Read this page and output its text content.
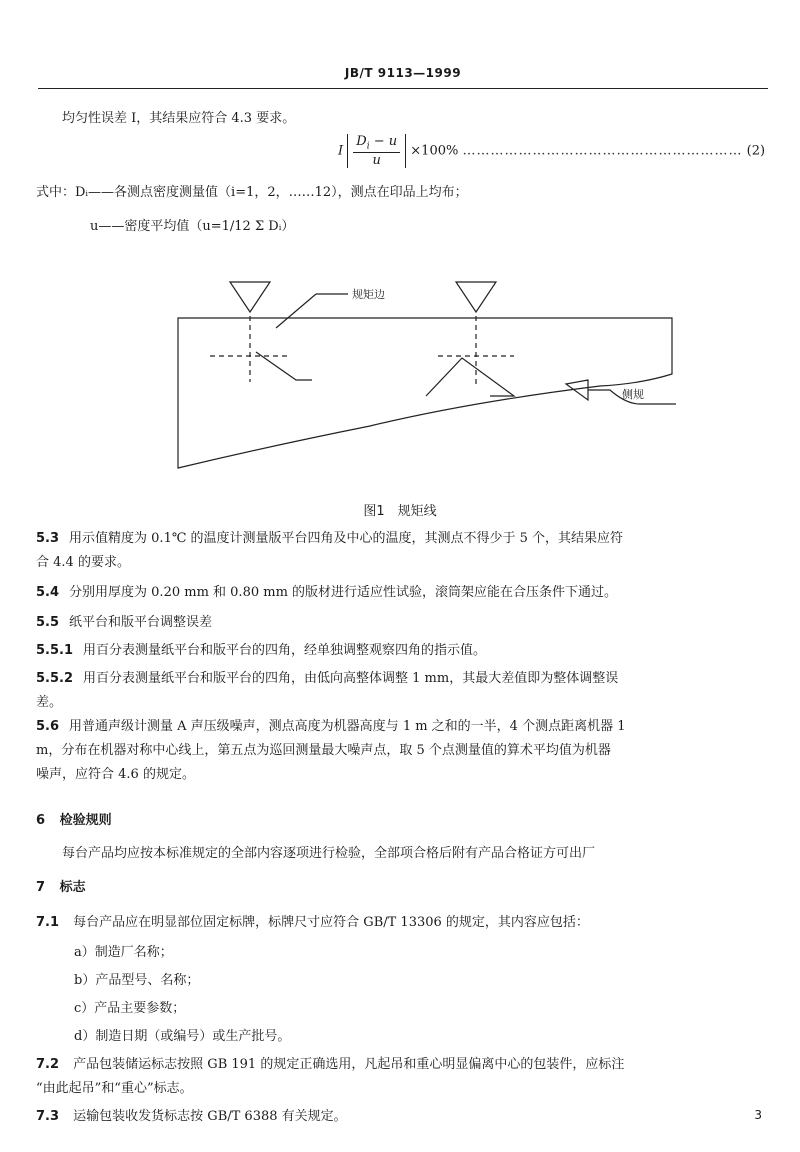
JB/T 9113—1999
均匀性误差 I，其结果应符合 4.3 要求。
I $\frac{D_i - u}{u} \times 100\%$ …………………………………………………… (2)
式中：Dᵢ——各测点密度测量值（i=1，2，……12），测点在印品上均布；
u——密度平均值（u=1/12 Σ Dᵢ）
规矩边
侧规
图1　规矩线
5.3 用示值精度为 0.1℃ 的温度计测量版平台四角及中心的温度，其测点不得少于 5 个，其结果应符
合 4.4 的要求。
5.4 分别用厚度为 0.20 mm 和 0.80 mm 的版材进行适应性试验，滚筒架应能在合压条件下通过。
5.5 纸平台和版平台调整误差
5.5.1 用百分表测量纸平台和版平台的四角，经单独调整观察四角的指示值。
5.5.2 用百分表测量纸平台和版平台的四角，由低向高整体调整 1 mm，其最大差值即为整体调整误
差。
5.6 用普通声级计测量 A 声压级噪声，测点高度为机器高度与 1 m 之和的一半，4 个测点距离机器 1
m，分布在机器对称中心线上，第五点为巡回测量最大噪声点，取 5 个点测量值的算术平均值为机器
噪声，应符合 4.6 的规定。
6 检验规则
每台产品均应按本标准规定的全部内容逐项进行检验，全部项合格后附有产品合格证方可出厂
7 标志
7.1 每台产品应在明显部位固定标牌，标牌尺寸应符合 GB/T 13306 的规定，其内容应包括：
a）制造厂名称；
b）产品型号、名称；
c）产品主要参数；
d）制造日期（或编号）或生产批号。
7.2 产品包装储运标志按照 GB 191 的规定正确选用，凡起吊和重心明显偏离中心的包装件，应标注
“由此起吊”和“重心”标志。
7.3 运输包装收发货标志按 GB/T 6388 有关规定。	3
